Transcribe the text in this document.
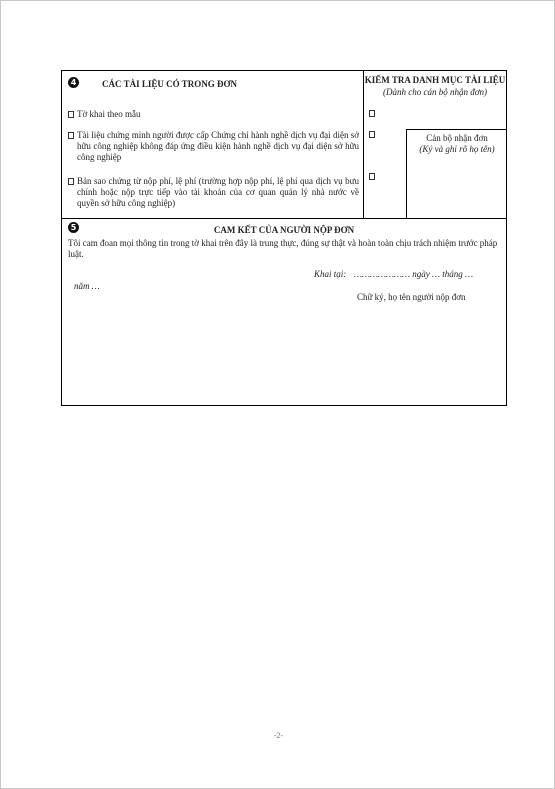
4	CÁC TÀI LIỆU CÓ TRONG ĐƠN
Tờ khai theo mẫu
Tài liệu chứng minh người được cấp Chứng chỉ hành nghề dịch vụ đại diện sở hữu công nghiệp không đáp ứng điều kiện hành nghề dịch vụ đại diện sở hữu công nghiệp
Bản sao chứng từ nộp phí, lệ phí (trường hợp nộp phí, lệ phí qua dịch vụ bưu chính hoặc nộp trực tiếp vào tài khoản của cơ quan quản lý nhà nước về quyền sở hữu công nghiệp)
KIỂM TRA DANH MỤC TÀI LIỆU
(Dành cho cán bộ nhận đơn)
Cán bộ nhận đơn
(Ký và ghi rõ họ tên)
5	CAM KẾT CỦA NGƯỜI NỘP ĐƠN
Tôi cam đoan mọi thông tin trong tờ khai trên đây là trung thực, đúng sự thật và hoàn toàn chịu trách nhiệm trước pháp luật.
Khai tại: ………………… ngày … tháng …
năm …
Chữ ký, họ tên người nộp đơn
-2-
